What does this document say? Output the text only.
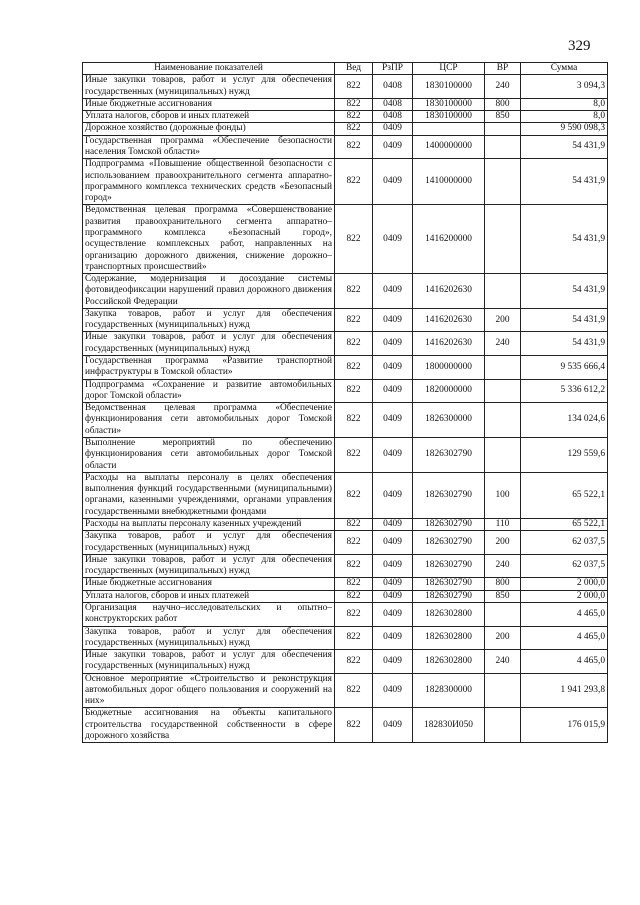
329
Наименование показателей	Вед	РзПР	ЦСР	ВР	Сумма
Иные закупки товаров, работ и услуг для обеспечения государственных (муниципальных) нужд	822	0408	1830100000	240	3 094,3
Иные бюджетные ассигнования	822	0408	1830100000	800	8,0
Уплата налогов, сборов и иных платежей	822	0408	1830100000	850	8,0
Дорожное хозяйство (дорожные фонды)	822	0409			9 590 098,3
Государственная программа «Обеспечение безопасности населения Томской области»	822	0409	1400000000		54 431,9
Подпрограмма «Повышение общественной безопасности с использованием правоохранительного сегмента аппаратно-программного комплекса технических средств «Безопасный город»	822	0409	1410000000		54 431,9
Ведомственная целевая программа «Совершенствование развития правоохранительного сегмента аппаратно–программного комплекса «Безопасный город», осуществление комплексных работ, направленных на организацию дорожного движения, снижение дорожно–транспортных происшествий»	822	0409	1416200000		54 431,9
Содержание, модернизация и досоздание системы фотовидеофиксации нарушений правил дорожного движения Российской Федерации	822	0409	1416202630		54 431,9
Закупка товаров, работ и услуг для обеспечения государственных (муниципальных) нужд	822	0409	1416202630	200	54 431,9
Иные закупки товаров, работ и услуг для обеспечения государственных (муниципальных) нужд	822	0409	1416202630	240	54 431,9
Государственная программа «Развитие транспортной инфраструктуры в Томской области»	822	0409	1800000000		9 535 666,4
Подпрограмма «Сохранение и развитие автомобильных дорог Томской области»	822	0409	1820000000		5 336 612,2
Ведомственная целевая программа «Обеспечение функционирования сети автомобильных дорог Томской области»	822	0409	1826300000		134 024,6
Выполнение мероприятий по обеспечению функционирования сети автомобильных дорог Томской области	822	0409	1826302790		129 559,6
Расходы на выплаты персоналу в целях обеспечения выполнения функций государственными (муниципальными) органами, казенными учреждениями, органами управления государственными внебюджетными фондами	822	0409	1826302790	100	65 522,1
Расходы на выплаты персоналу казенных учреждений	822	0409	1826302790	110	65 522,1
Закупка товаров, работ и услуг для обеспечения государственных (муниципальных) нужд	822	0409	1826302790	200	62 037,5
Иные закупки товаров, работ и услуг для обеспечения государственных (муниципальных) нужд	822	0409	1826302790	240	62 037,5
Иные бюджетные ассигнования	822	0409	1826302790	800	2 000,0
Уплата налогов, сборов и иных платежей	822	0409	1826302790	850	2 000,0
Организация научно–исследовательских и опытно–конструкторских работ	822	0409	1826302800		4 465,0
Закупка товаров, работ и услуг для обеспечения государственных (муниципальных) нужд	822	0409	1826302800	200	4 465,0
Иные закупки товаров, работ и услуг для обеспечения государственных (муниципальных) нужд	822	0409	1826302800	240	4 465,0
Основное мероприятие «Строительство и реконструкция автомобильных дорог общего пользования и сооружений на них»	822	0409	1828300000		1 941 293,8
Бюджетные ассигнования на объекты капитального строительства государственной собственности в сфере дорожного хозяйства	822	0409	182830И050		176 015,9
